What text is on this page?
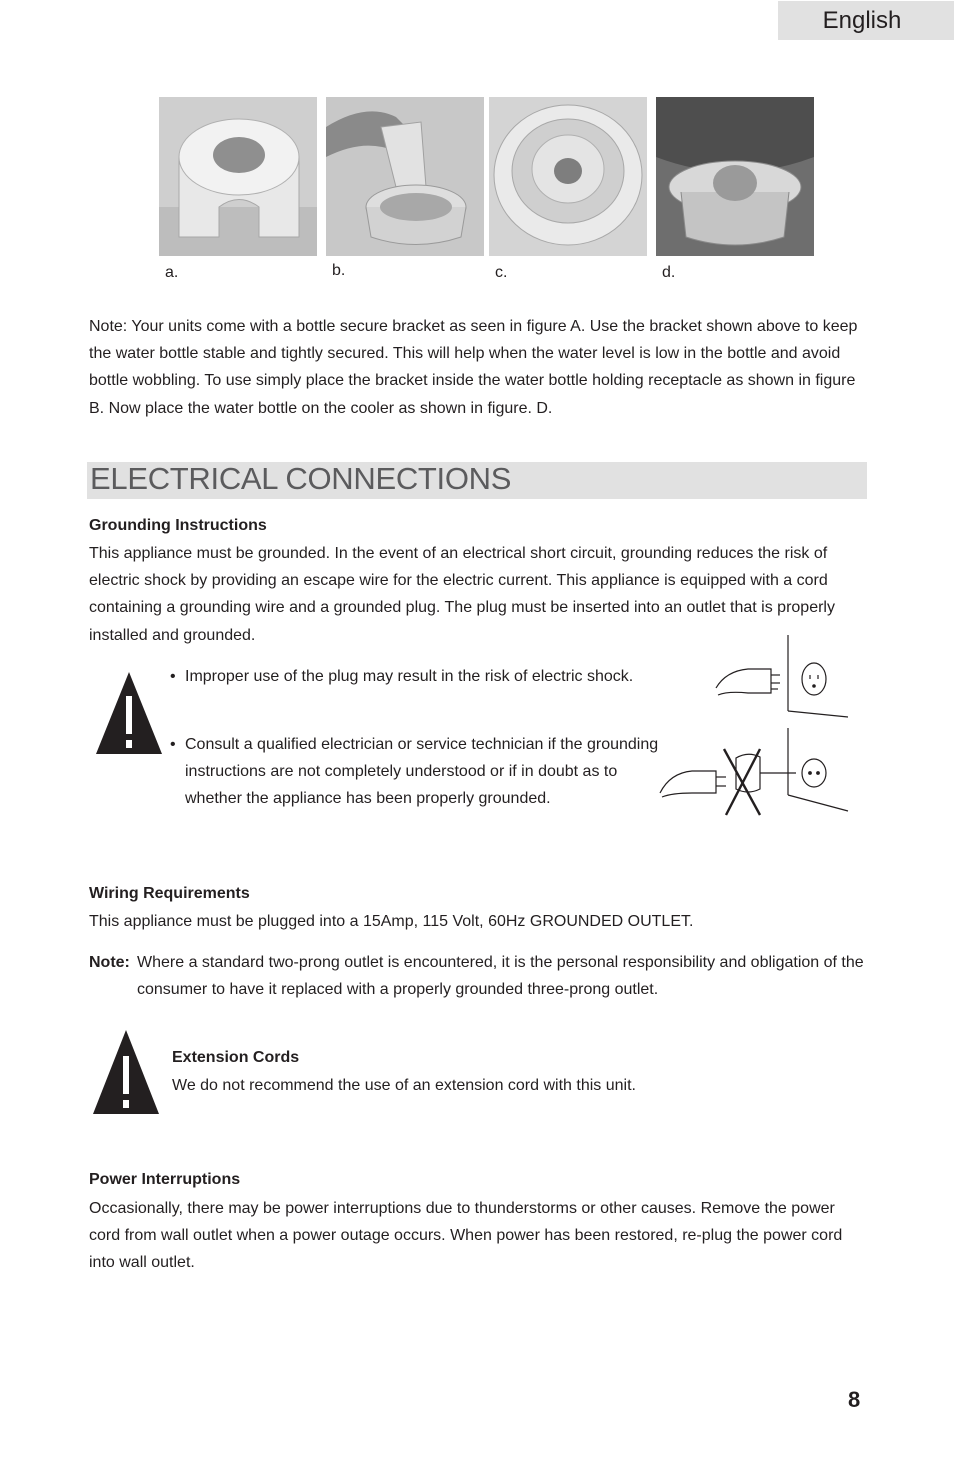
English
a.	b.	c.	d.

Note: Your units come with a bottle secure bracket as seen in figure A. Use the bracket shown above to keep the water bottle stable and tightly secured. This will help when the water level is low in the bottle and avoid bottle wobbling. To use simply place the bracket inside the water bottle holding receptacle as shown in figure B. Now place the water bottle on the cooler as shown in figure. D.

ELECTRICAL CONNECTIONS

Grounding Instructions

This appliance must be grounded. In the event of an electrical short circuit, grounding reduces the risk of electric shock by providing an escape wire for the electric current. This appliance is equipped with a cord containing a grounding wire and a grounded plug. The plug must be inserted into an outlet that is properly installed and grounded.

• Improper use of the plug may result in the risk of electric shock.

• Consult a qualified electrician or service technician if the grounding instructions are not completely understood or if in doubt as to whether the appliance has been properly grounded.

Wiring Requirements

This appliance must be plugged into a 15Amp, 115 Volt, 60Hz GROUNDED OUTLET.

Note: Where a standard two-prong outlet is encountered, it is the personal responsibility and obligation of the consumer to have it replaced with a properly grounded three-prong outlet.

Extension Cords

We do not recommend the use of an extension cord with this unit.

Power Interruptions

Occasionally, there may be power interruptions due to thunderstorms or other causes. Remove the power cord from wall outlet when a power outage occurs. When power has been restored, re-plug the power cord into wall outlet.

8
